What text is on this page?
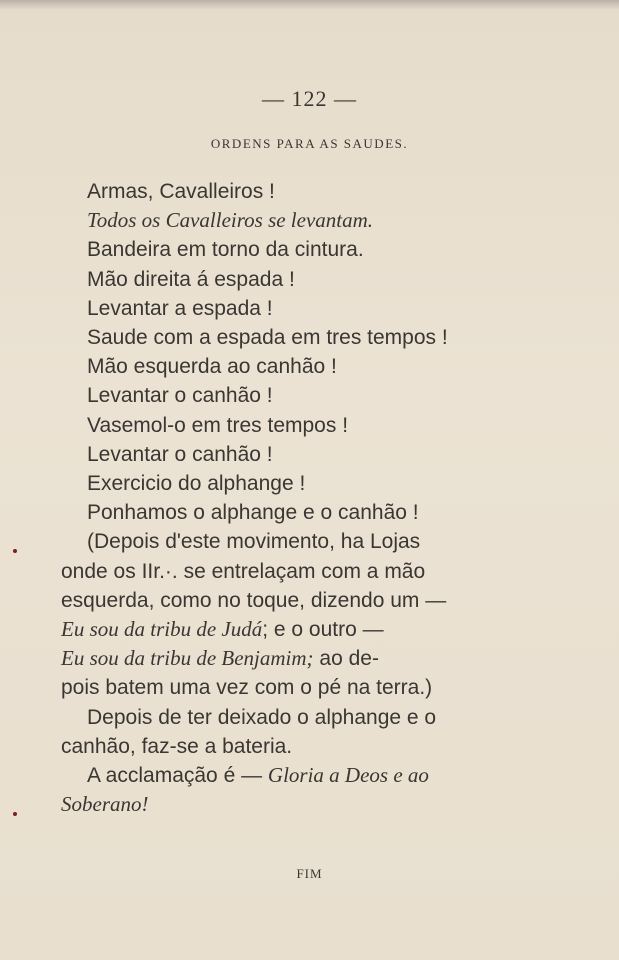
— 122 —
ORDENS PARA AS SAUDES.
Armas, Cavalleiros !
Todos os Cavalleiros se levantam.
Bandeira em torno da cintura.
Mão direita á espada !
Levantar a espada !
Saude com a espada em tres tempos !
Mão esquerda ao canhão !
Levantar o canhão !
Vasemol-o em tres tempos !
Levantar o canhão !
Exercicio do alphange !
Ponhamos o alphange e o canhão !
(Depois d'este movimento, ha Lojas
onde os IIr.·. se entrelaçam com a mão
esquerda, como no toque, dizendo um —
Eu sou da tribu de Judá; e o outro —
Eu sou da tribu de Benjamim; ao de-
pois batem uma vez com o pé na terra.)
Depois de ter deixado o alphange e o
canhão, faz-se a bateria.
A acclamação é — Gloria a Deos e ao
Soberano!
FIM
